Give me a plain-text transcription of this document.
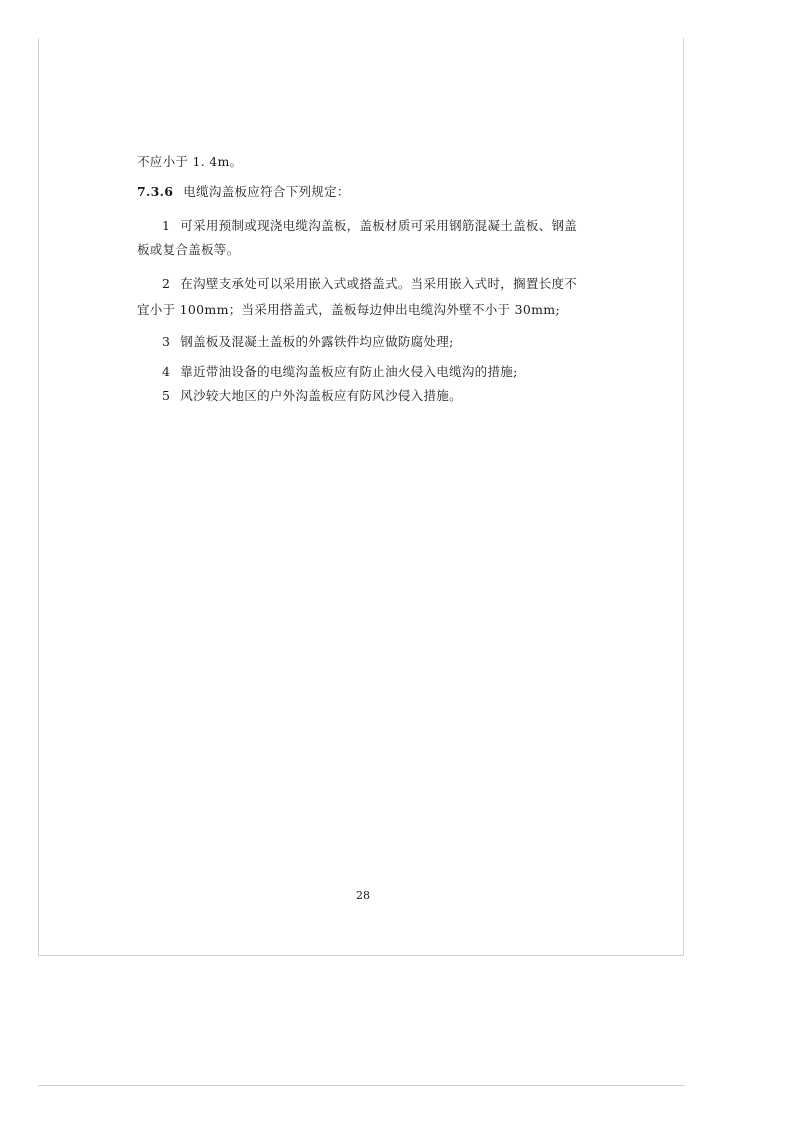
不应小于 1. 4m。
7.3.6 电缆沟盖板应符合下列规定：
1 可采用预制或现浇电缆沟盖板，盖板材质可采用钢筋混凝土盖板、钢盖
板或复合盖板等。
2 在沟壁支承处可以采用嵌入式或搭盖式。当采用嵌入式时，搁置长度不
宜小于 100mm；当采用搭盖式，盖板每边伸出电缆沟外壁不小于 30mm;
3 钢盖板及混凝土盖板的外露铁件均应做防腐处理;
4 靠近带油设备的电缆沟盖板应有防止油火侵入电缆沟的措施;
5 风沙较大地区的户外沟盖板应有防风沙侵入措施。
28
